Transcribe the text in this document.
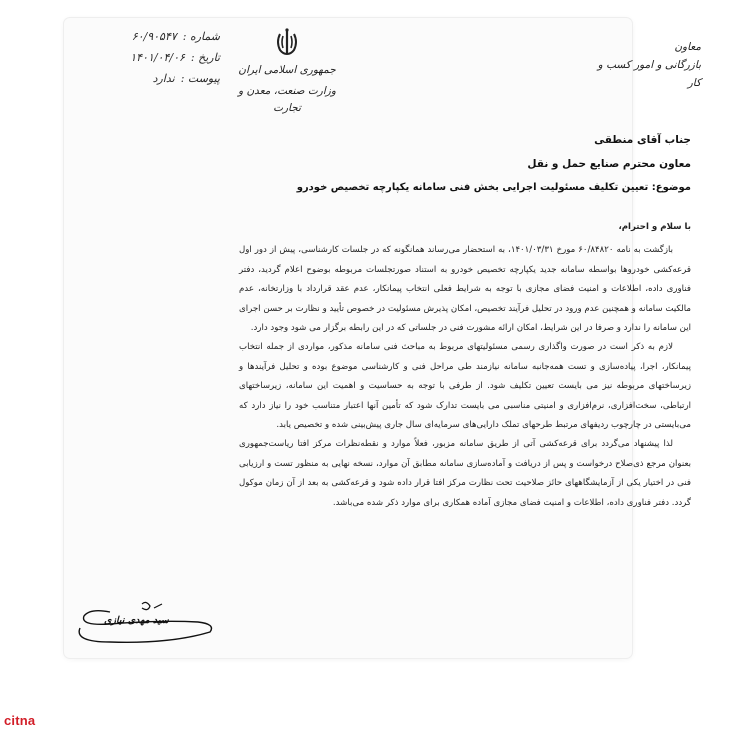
شماره :
۶۰/۹۰۵۴۷
تاریخ :
۱۴۰۱/۰۴/۰۶
پیوست :
ندارد
جمهوری اسلامی ایران
وزارت صنعت، معدن و تجارت
معاون
بازرگانی و امور کسب و کار
جناب آقای منطقی
معاون محترم صنایع حمل و نقل
موضوع: تعیین تکلیف مسئولیت اجرایی بخش فنی سامانه یکپارچه تخصیص خودرو

با سلام و احترام،

بازگشت به نامه ۶۰/۸۴۸۲۰ مورخ ۱۴۰۱/۰۳/۳۱، به استحضار می‌رساند همانگونه که در جلسات کارشناسی، پیش از دور اول قرعه‌کشی خودروها بواسطه سامانه جدید یکپارچه تخصیص خودرو به استناد صورتجلسات مربوطه بوضوح اعلام گردید، دفتر فناوری داده، اطلاعات و امنیت فضای مجازی با توجه به شرایط فعلی انتخاب پیمانکار، عدم عقد قرارداد با وزارتخانه، عدم مالکیت سامانه و همچنین عدم ورود در تحلیل فرآیند تخصیص، امکان پذیرش مسئولیت در خصوص تأیید و نظارت بر حسن اجرای این سامانه را ندارد و صرفا در این شرایط، امکان ارائه مشورت فنی در جلساتی که در این رابطه برگزار می شود وجود دارد.

لازم به ذکر است در صورت واگذاری رسمی مسئولیتهای مربوط به مباحث فنی سامانه مذکور، مواردی از جمله انتخاب پیمانکار، اجرا، پیاده‌سازی و تست همه‌جانبه سامانه نیازمند طی مراحل فنی و کارشناسی موضوع بوده و تحلیل فرآیندها و زیرساختهای مربوطه نیز می بایست تعیین تکلیف شود. از طرفی با توجه به حساسیت و اهمیت این سامانه، زیرساختهای ارتباطی، سخت‌افزاری، نرم‌افزاری و امنیتی مناسبی می بایست تدارک شود که تأمین آنها اعتبار متناسب خود را نیاز دارد که می‌بایستی در چارچوب ردیفهای مرتبط طرحهای تملک دارایی‌های سرمایه‌ای سال جاری پیش‌بینی شده و تخصیص یابد.

لذا پیشنهاد می‌گردد برای قرعه‌کشی آتی از طریق سامانه مزبور، فعلاً موارد و نقطه‌نظرات مرکز افتا ریاست‌جمهوری بعنوان مرجع ذی‌صلاح درخواست و پس از دریافت و آماده‌سازی سامانه مطابق آن موارد، نسخه نهایی به منظور تست و ارزیابی فنی در اختیار یکی از آزمایشگاههای حائز صلاحیت تحت نظارت مرکز افتا قرار داده شود و قرعه‌کشی به بعد از آن زمان موکول گردد. دفتر فناوری داده، اطلاعات و امنیت فضای مجازی آماده همکاری برای موارد ذکر شده می‌باشد.

سید مهدی نیازی
citna
